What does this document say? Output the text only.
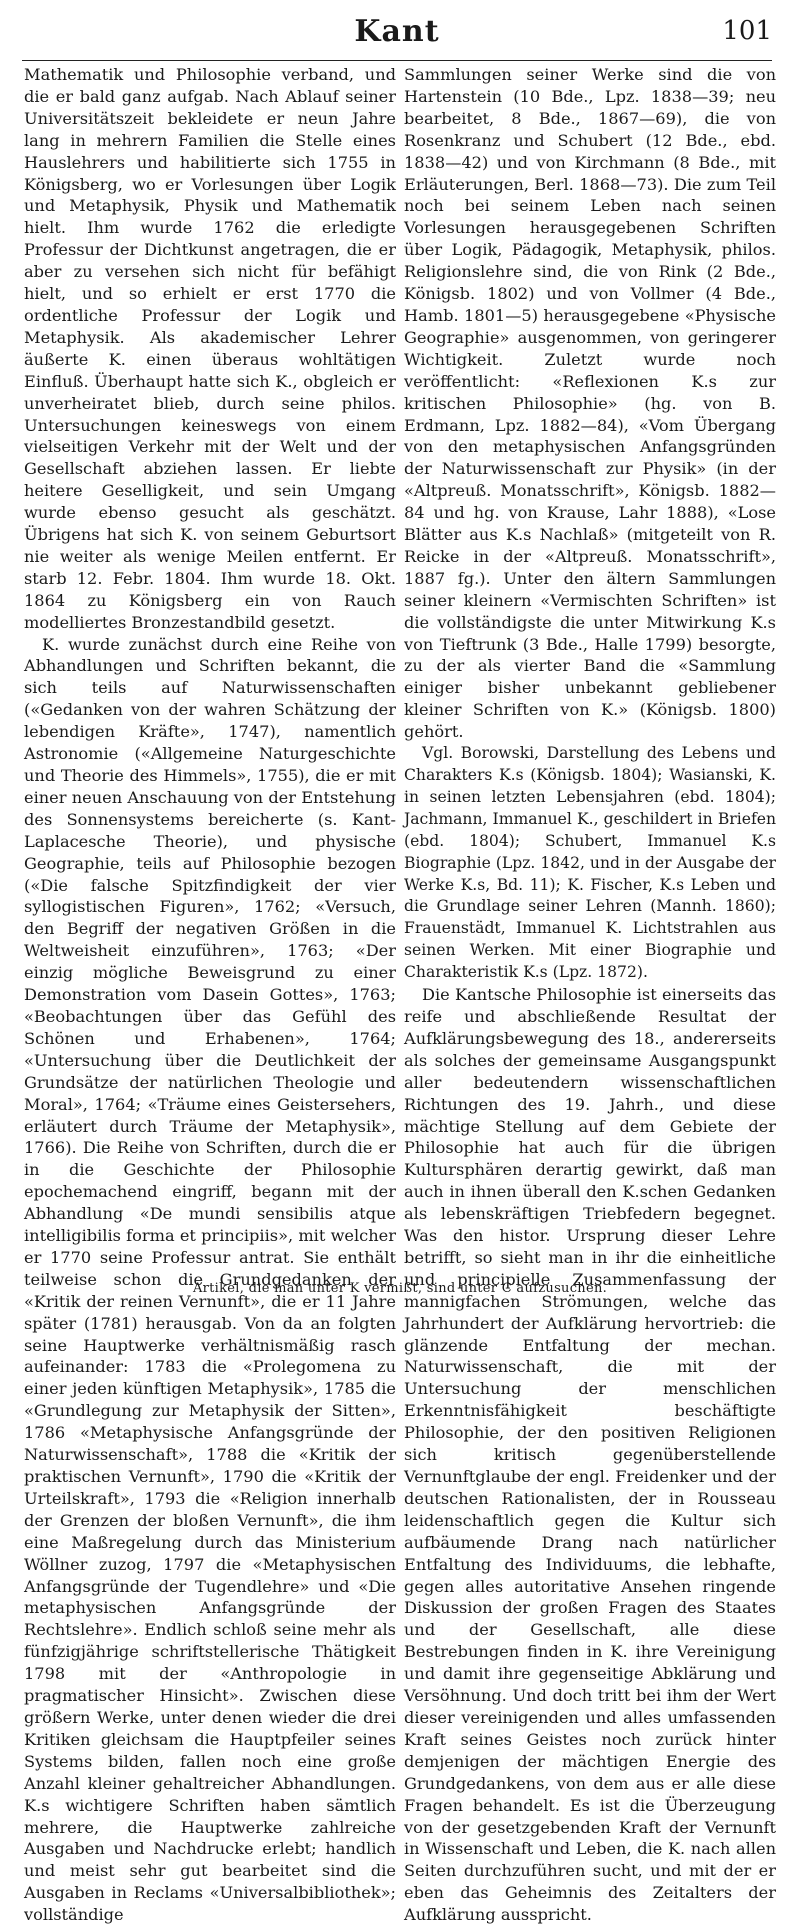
Kant	101

Mathematik und Philosophie verband, und die er bald ganz aufgab. Nach Ablauf seiner Universitätszeit bekleidete er neun Jahre lang in mehrern Familien die Stelle eines Hauslehrers und habilitierte sich 1755 in Königsberg, wo er Vorlesungen über Logik und Metaphysik, Physik und Mathematik hielt. Ihm wurde 1762 die erledigte Professur der Dichtkunst angetragen, die er aber zu versehen sich nicht für befähigt hielt, und so erhielt er erst 1770 die ordentliche Professur der Logik und Metaphysik. Als akademischer Lehrer äußerte K. einen überaus wohltätigen Einfluß. Überhaupt hatte sich K., obgleich er unverheiratet blieb, durch seine philos. Untersuchungen keineswegs von einem vielseitigen Verkehr mit der Welt und der Gesellschaft abziehen lassen. Er liebte heitere Geselligkeit, und sein Umgang wurde ebenso gesucht als geschätzt. Übrigens hat sich K. von seinem Geburtsort nie weiter als wenige Meilen entfernt. Er starb 12. Febr. 1804. Ihm wurde 18. Okt. 1864 zu Königsberg ein von Rauch modelliertes Bronzestandbild gesetzt.

K. wurde zunächst durch eine Reihe von Abhandlungen und Schriften bekannt, die sich teils auf Naturwissenschaften («Gedanken von der wahren Schätzung der lebendigen Kräfte», 1747), namentlich Astronomie («Allgemeine Naturgeschichte und Theorie des Himmels», 1755), die er mit einer neuen Anschauung von der Entstehung des Sonnensystems bereicherte (s. Kant-Laplacesche Theorie), und physische Geographie, teils auf Philosophie bezogen («Die falsche Spitzfindigkeit der vier syllogistischen Figuren», 1762; «Versuch, den Begriff der negativen Größen in die Weltweisheit einzuführen», 1763; «Der einzig mögliche Beweisgrund zu einer Demonstration vom Dasein Gottes», 1763; «Beobachtungen über das Gefühl des Schönen und Erhabenen», 1764; «Untersuchung über die Deutlichkeit der Grundsätze der natürlichen Theologie und Moral», 1764; «Träume eines Geistersehers, erläutert durch Träume der Metaphysik», 1766). Die Reihe von Schriften, durch die er in die Geschichte der Philosophie epochemachend eingriff, begann mit der Abhandlung «De mundi sensibilis atque intelligibilis forma et principiis», mit welcher er 1770 seine Professur antrat. Sie enthält teilweise schon die Grundgedanken der «Kritik der reinen Vernunft», die er 11 Jahre später (1781) herausgab. Von da an folgten seine Hauptwerke verhältnismäßig rasch aufeinander: 1783 die «Prolegomena zu einer jeden künftigen Metaphysik», 1785 die «Grundlegung zur Metaphysik der Sitten», 1786 «Metaphysische Anfangsgründe der Naturwissenschaft», 1788 die «Kritik der praktischen Vernunft», 1790 die «Kritik der Urteilskraft», 1793 die «Religion innerhalb der Grenzen der bloßen Vernunft», die ihm eine Maßregelung durch das Ministerium Wöllner zuzog, 1797 die «Metaphysischen Anfangsgründe der Tugendlehre» und «Die metaphysischen Anfangsgründe der Rechtslehre». Endlich schloß seine mehr als fünfzigjährige schriftstellerische Thätigkeit 1798 mit der «Anthropologie in pragmatischer Hinsicht». Zwischen diese größern Werke, unter denen wieder die drei Kritiken gleichsam die Hauptpfeiler seines Systems bilden, fallen noch eine große Anzahl kleiner gehaltreicher Abhandlungen. K.s wichtigere Schriften haben sämtlich mehrere, die Hauptwerke zahlreiche Ausgaben und Nachdrucke erlebt; handlich und meist sehr gut bearbeitet sind die Ausgaben in Reclams «Universalbibliothek»; vollständige

Sammlungen seiner Werke sind die von Hartenstein (10 Bde., Lpz. 1838—39; neu bearbeitet, 8 Bde., 1867—69), die von Rosenkranz und Schubert (12 Bde., ebd. 1838—42) und von Kirchmann (8 Bde., mit Erläuterungen, Berl. 1868—73). Die zum Teil noch bei seinem Leben nach seinen Vorlesungen herausgegebenen Schriften über Logik, Pädagogik, Metaphysik, philos. Religionslehre sind, die von Rink (2 Bde., Königsb. 1802) und von Vollmer (4 Bde., Hamb. 1801—5) herausgegebene «Physische Geographie» ausgenommen, von geringerer Wichtigkeit. Zuletzt wurde noch veröffentlicht: «Reflexionen K.s zur kritischen Philosophie» (hg. von B. Erdmann, Lpz. 1882—84), «Vom Übergang von den metaphysischen Anfangsgründen der Naturwissenschaft zur Physik» (in der «Altpreuß. Monatsschrift», Königsb. 1882—84 und hg. von Krause, Lahr 1888), «Lose Blätter aus K.s Nachlaß» (mitgeteilt von R. Reicke in der «Altpreuß. Monatsschrift», 1887 fg.). Unter den ältern Sammlungen seiner kleinern «Vermischten Schriften» ist die vollständigste die unter Mitwirkung K.s von Tieftrunk (3 Bde., Halle 1799) besorgte, zu der als vierter Band die «Sammlung einiger bisher unbekannt gebliebener kleiner Schriften von K.» (Königsb. 1800) gehört.

Vgl. Borowski, Darstellung des Lebens und Charakters K.s (Königsb. 1804); Wasianski, K. in seinen letzten Lebensjahren (ebd. 1804); Jachmann, Immanuel K., geschildert in Briefen (ebd. 1804); Schubert, Immanuel K.s Biographie (Lpz. 1842, und in der Ausgabe der Werke K.s, Bd. 11); K. Fischer, K.s Leben und die Grundlage seiner Lehren (Mannh. 1860); Frauenstädt, Immanuel K. Lichtstrahlen aus seinen Werken. Mit einer Biographie und Charakteristik K.s (Lpz. 1872).

Die Kantsche Philosophie ist einerseits das reife und abschließende Resultat der Aufklärungsbewegung des 18., andererseits als solches der gemeinsame Ausgangspunkt aller bedeutendern wissenschaftlichen Richtungen des 19. Jahrh., und diese mächtige Stellung auf dem Gebiete der Philosophie hat auch für die übrigen Kultursphären derartig gewirkt, daß man auch in ihnen überall den K.schen Gedanken als lebenskräftigen Triebfedern begegnet. Was den histor. Ursprung dieser Lehre betrifft, so sieht man in ihr die einheitliche und principielle Zusammenfassung der mannigfachen Strömungen, welche das Jahrhundert der Aufklärung hervortrieb: die glänzende Entfaltung der mechan. Naturwissenschaft, die mit der Untersuchung der menschlichen Erkenntnisfähigkeit beschäftigte Philosophie, der den positiven Religionen sich kritisch gegenüberstellende Vernunftglaube der engl. Freidenker und der deutschen Rationalisten, der in Rousseau leidenschaftlich gegen die Kultur sich aufbäumende Drang nach natürlicher Entfaltung des Individuums, die lebhafte, gegen alles autoritative Ansehen ringende Diskussion der großen Fragen des Staates und der Gesellschaft, alle diese Bestrebungen finden in K. ihre Vereinigung und damit ihre gegenseitige Abklärung und Versöhnung. Und doch tritt bei ihm der Wert dieser vereinigenden und alles umfassenden Kraft seines Geistes noch zurück hinter demjenigen der mächtigen Energie des Grundgedankens, von dem aus er alle diese Fragen behandelt. Es ist die Überzeugung von der gesetzgebenden Kraft der Vernunft in Wissenschaft und Leben, die K. nach allen Seiten durchzuführen sucht, und mit der er eben das Geheimnis des Zeitalters der Aufklärung ausspricht.

Artikel, die man unter K vermißt, sind unter C aufzusuchen.
